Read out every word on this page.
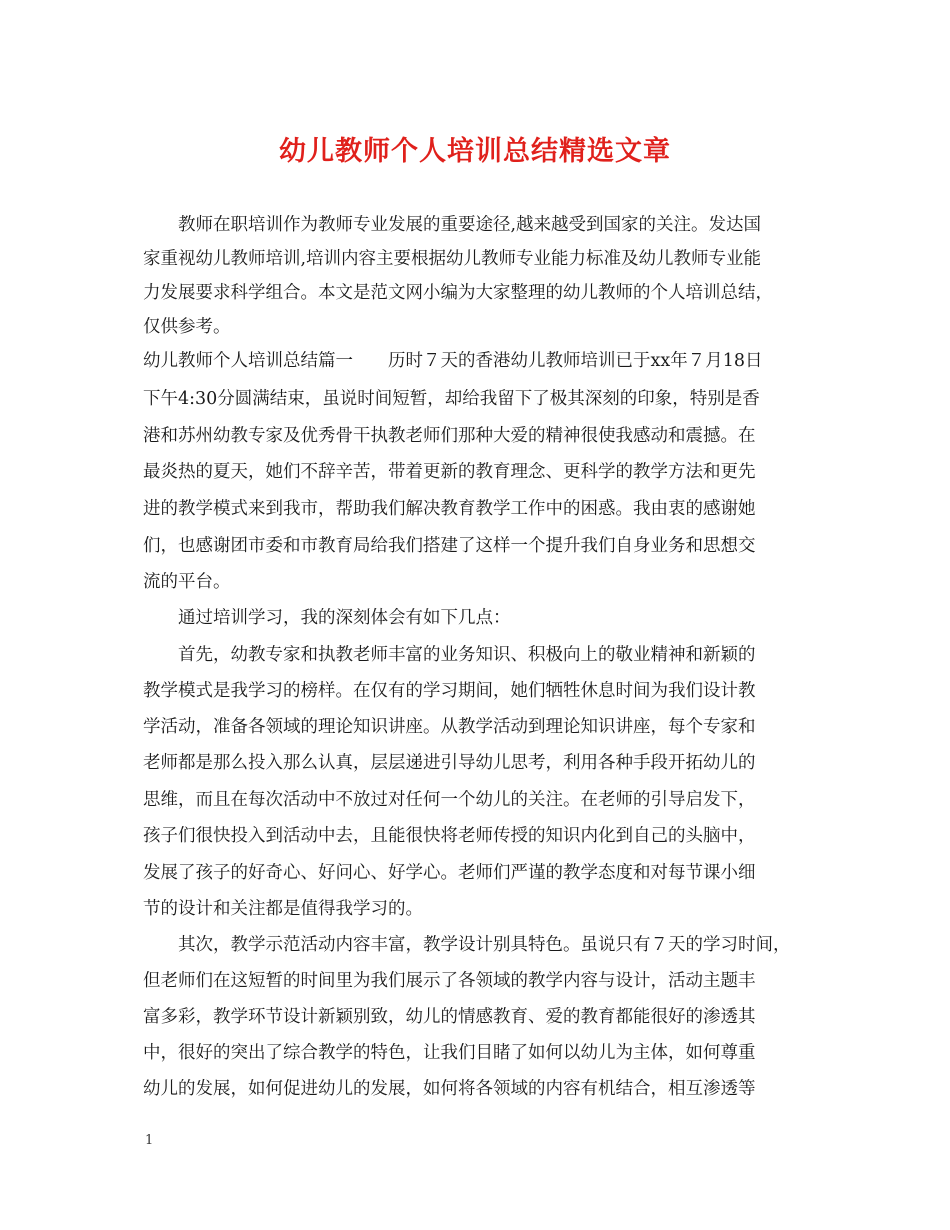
幼儿教师个人培训总结精选文章

　　教师在职培训作为教师专业发展的重要途径,越来越受到国家的关注。发达国

家重视幼儿教师培训,培训内容主要根据幼儿教师专业能力标准及幼儿教师专业能

力发展要求科学组合。本文是范文网小编为大家整理的幼儿教师的个人培训总结，

仅供参考。

幼儿教师个人培训总结篇一　　历时７天的香港幼儿教师培训已于xx年７月18日

下午4:30分圆满结束，虽说时间短暂，却给我留下了极其深刻的印象，特别是香

港和苏州幼教专家及优秀骨干执教老师们那种大爱的精神很使我感动和震撼。在

最炎热的夏天，她们不辞辛苦，带着更新的教育理念、更科学的教学方法和更先

进的教学模式来到我市，帮助我们解决教育教学工作中的困惑。我由衷的感谢她

们，也感谢团市委和市教育局给我们搭建了这样一个提升我们自身业务和思想交

流的平台。

　　通过培训学习，我的深刻体会有如下几点：

　　首先，幼教专家和执教老师丰富的业务知识、积极向上的敬业精神和新颖的

教学模式是我学习的榜样。在仅有的学习期间，她们牺牲休息时间为我们设计教

学活动，准备各领域的理论知识讲座。从教学活动到理论知识讲座，每个专家和

老师都是那么投入那么认真，层层递进引导幼儿思考，利用各种手段开拓幼儿的

思维，而且在每次活动中不放过对任何一个幼儿的关注。在老师的引导启发下，

孩子们很快投入到活动中去，且能很快将老师传授的知识内化到自己的头脑中，

发展了孩子的好奇心、好问心、好学心。老师们严谨的教学态度和对每节课小细

节的设计和关注都是值得我学习的。

　　其次，教学示范活动内容丰富，教学设计别具特色。虽说只有７天的学习时间，

但老师们在这短暂的时间里为我们展示了各领域的教学内容与设计，活动主题丰

富多彩，教学环节设计新颖别致，幼儿的情感教育、爱的教育都能很好的渗透其

中，很好的突出了综合教学的特色，让我们目睹了如何以幼儿为主体，如何尊重

幼儿的发展，如何促进幼儿的发展，如何将各领域的内容有机结合，相互渗透等

1
